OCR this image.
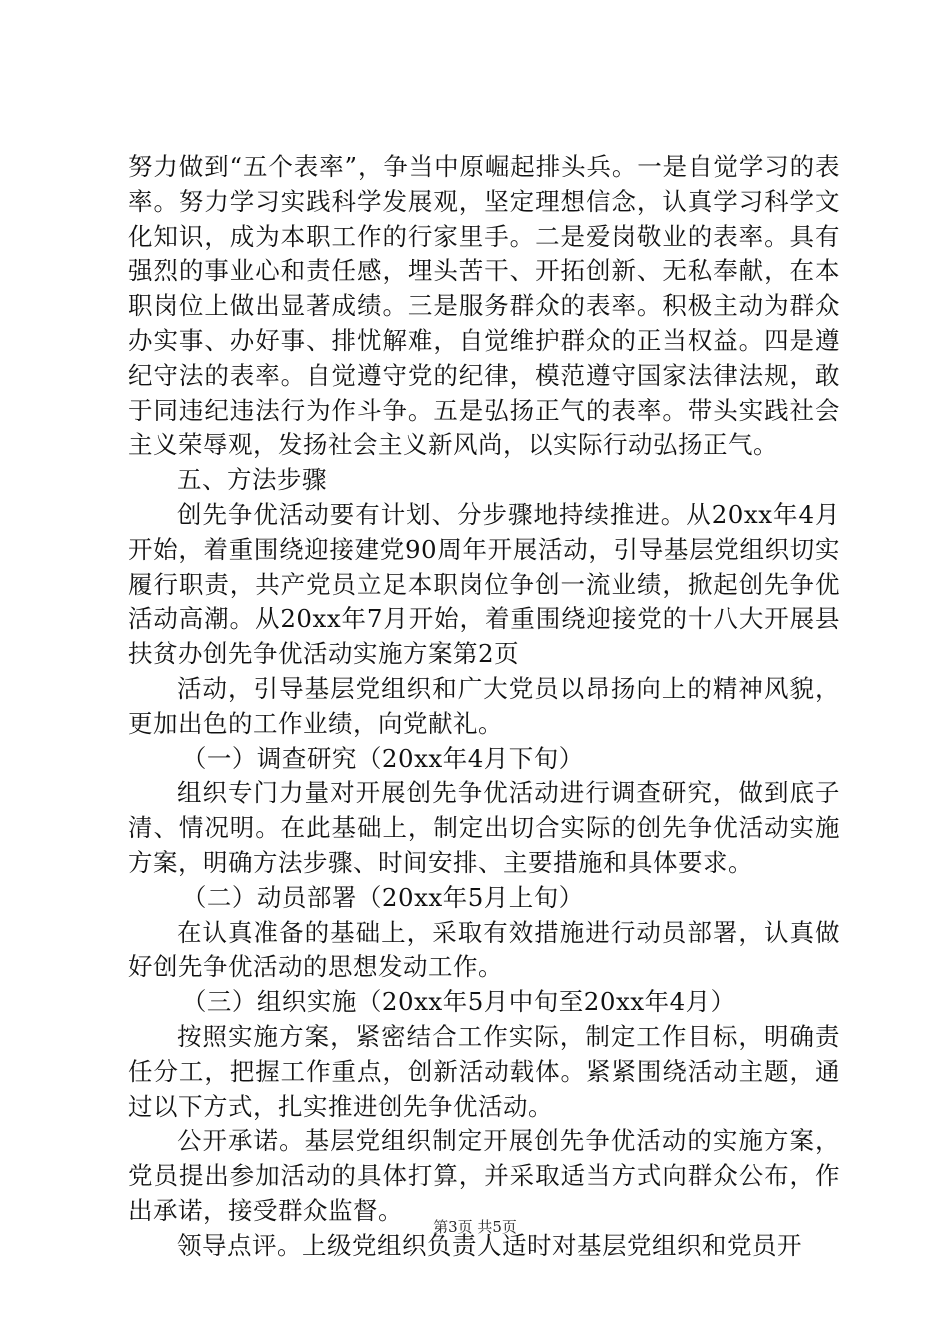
努力做到“五个表率”，争当中原崛起排头兵。一是自觉学习的表率。努力学习实践科学发展观，坚定理想信念，认真学习科学文化知识，成为本职工作的行家里手。二是爱岗敬业的表率。具有强烈的事业心和责任感，埋头苦干、开拓创新、无私奉献，在本职岗位上做出显著成绩。三是服务群众的表率。积极主动为群众办实事、办好事、排忧解难，自觉维护群众的正当权益。四是遵纪守法的表率。自觉遵守党的纪律，模范遵守国家法律法规，敢于同违纪违法行为作斗争。五是弘扬正气的表率。带头实践社会主义荣辱观，发扬社会主义新风尚，以实际行动弘扬正气。

五、方法步骤

创先争优活动要有计划、分步骤地持续推进。从20xx年4月开始，着重围绕迎接建党90周年开展活动，引导基层党组织切实履行职责，共产党员立足本职岗位争创一流业绩，掀起创先争优活动高潮。从20xx年7月开始，着重围绕迎接党的十八大开展县扶贫办创先争优活动实施方案第2页

活动，引导基层党组织和广大党员以昂扬向上的精神风貌，更加出色的工作业绩，向党献礼。

（一）调查研究（20xx年4月下旬）

组织专门力量对开展创先争优活动进行调查研究，做到底子清、情况明。在此基础上，制定出切合实际的创先争优活动实施方案，明确方法步骤、时间安排、主要措施和具体要求。

（二）动员部署（20xx年5月上旬）

在认真准备的基础上，采取有效措施进行动员部署，认真做好创先争优活动的思想发动工作。

（三）组织实施（20xx年5月中旬至20xx年4月）

按照实施方案，紧密结合工作实际，制定工作目标，明确责任分工，把握工作重点，创新活动载体。紧紧围绕活动主题，通过以下方式，扎实推进创先争优活动。

公开承诺。基层党组织制定开展创先争优活动的实施方案，党员提出参加活动的具体打算，并采取适当方式向群众公布，作出承诺，接受群众监督。

领导点评。上级党组织负责人适时对基层党组织和党员开

第3页 共5页
